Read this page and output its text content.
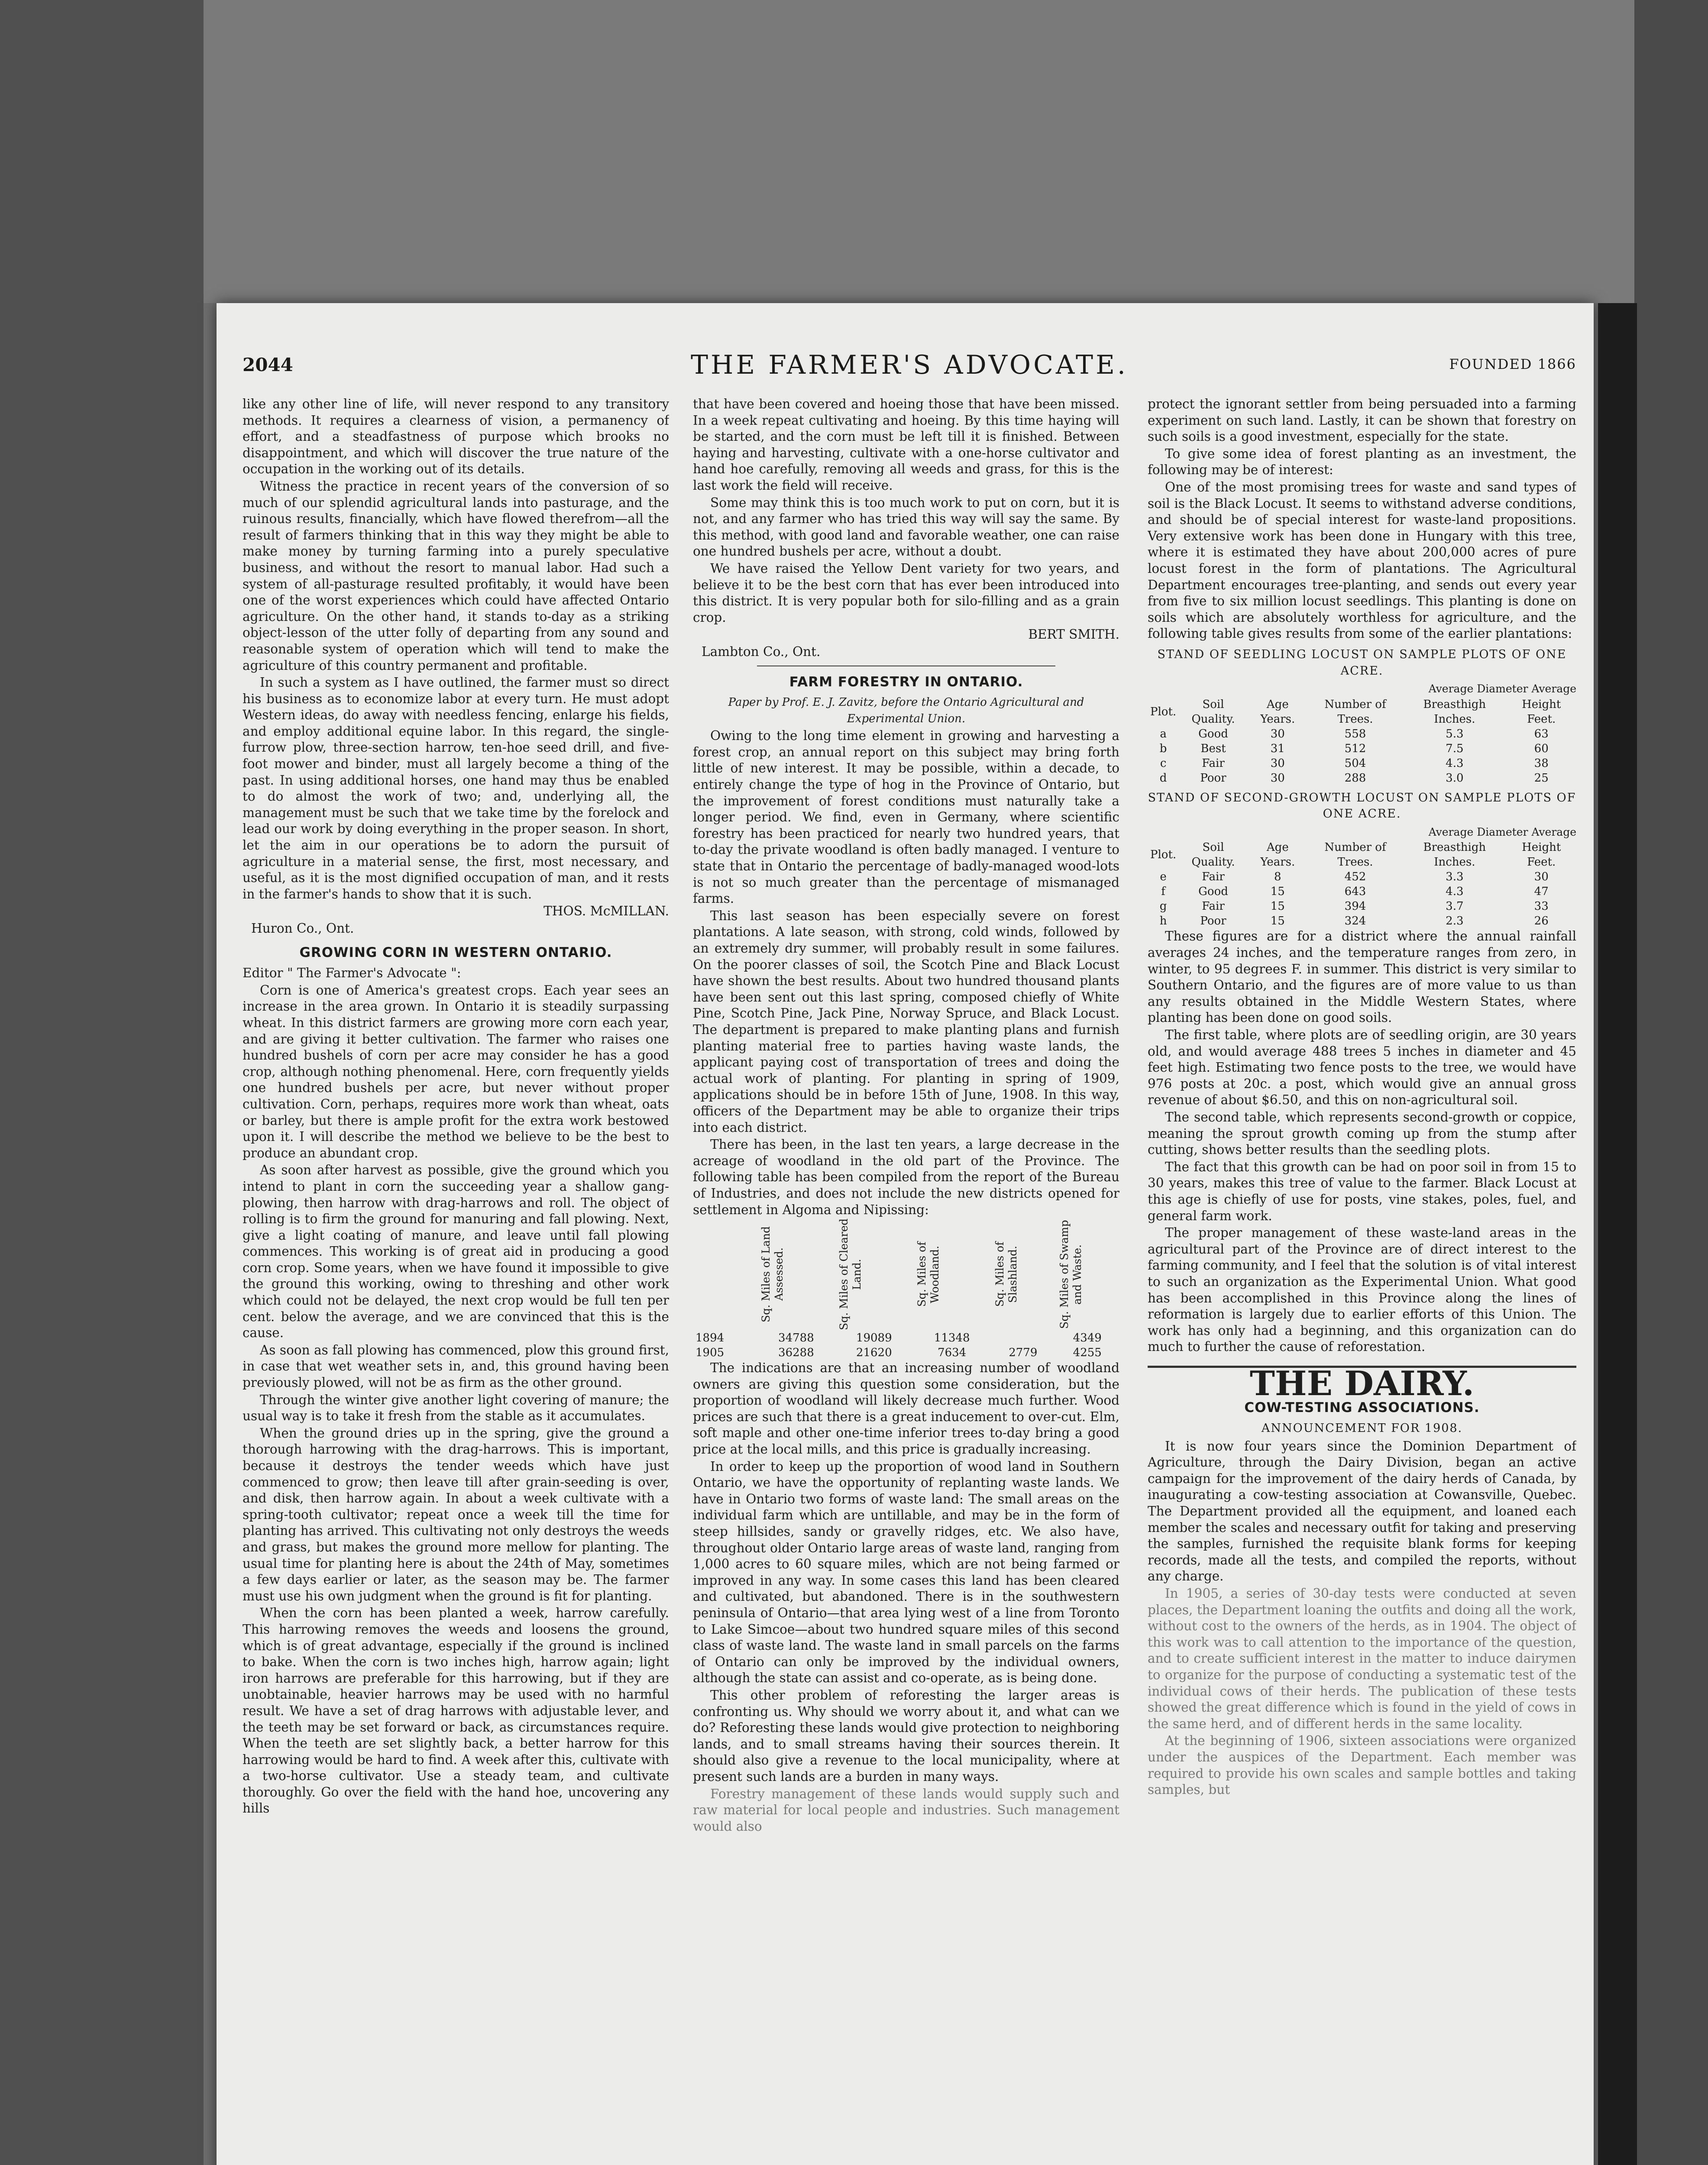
2044	THE FARMER'S ADVOCATE.	FOUNDED 1866

like any other line of life, will never respond to any transitory methods. It requires a clearness of vision, a permanency of effort, and a steadfastness of purpose which brooks no disappointment, and which will discover the true nature of the occupation in the working out of its details.

Witness the practice in recent years of the conversion of so much of our splendid agricultural lands into pasturage, and the ruinous results, financially, which have flowed therefrom—all the result of farmers thinking that in this way they might be able to make money by turning farming into a purely speculative business, and without the resort to manual labor. Had such a system of all-pasturage resulted profitably, it would have been one of the worst experiences which could have affected Ontario agriculture. On the other hand, it stands to-day as a striking object-lesson of the utter folly of departing from any sound and reasonable system of operation which will tend to make the agriculture of this country permanent and profitable.

In such a system as I have outlined, the farmer must so direct his business as to economize labor at every turn. He must adopt Western ideas, do away with needless fencing, enlarge his fields, and employ additional equine labor. In this regard, the single-furrow plow, three-section harrow, ten-hoe seed drill, and five-foot mower and binder, must all largely become a thing of the past. In using additional horses, one hand may thus be enabled to do almost the work of two; and, underlying all, the management must be such that we take time by the forelock and lead our work by doing everything in the proper season. In short, let the aim in our operations be to adorn the pursuit of agriculture in a material sense, the first, most necessary, and useful, as it is the most dignified occupation of man, and it rests in the farmer's hands to show that it is such.

THOS. McMILLAN.

Huron Co., Ont.

GROWING CORN IN WESTERN ONTARIO.

Editor " The Farmer's Advocate ":

Corn is one of America's greatest crops. Each year sees an increase in the area grown. In Ontario it is steadily surpassing wheat. In this district farmers are growing more corn each year, and are giving it better cultivation. The farmer who raises one hundred bushels of corn per acre may consider he has a good crop, although nothing phenomenal. Here, corn frequently yields one hundred bushels per acre, but never without proper cultivation. Corn, perhaps, requires more work than wheat, oats or barley, but there is ample profit for the extra work bestowed upon it. I will describe the method we believe to be the best to produce an abundant crop.

As soon after harvest as possible, give the ground which you intend to plant in corn the succeeding year a shallow gang-plowing, then harrow with drag-harrows and roll. The object of rolling is to firm the ground for manuring and fall plowing. Next, give a light coating of manure, and leave until fall plowing commences. This working is of great aid in producing a good corn crop. Some years, when we have found it impossible to give the ground this working, owing to threshing and other work which could not be delayed, the next crop would be full ten per cent. below the average, and we are convinced that this is the cause.

As soon as fall plowing has commenced, plow this ground first, in case that wet weather sets in, and, this ground having been previously plowed, will not be as firm as the other ground.

Through the winter give another light covering of manure; the usual way is to take it fresh from the stable as it accumulates.

When the ground dries up in the spring, give the ground a thorough harrowing with the drag-harrows. This is important, because it destroys the tender weeds which have just commenced to grow; then leave till after grain-seeding is over, and disk, then harrow again. In about a week cultivate with a spring-tooth cultivator; repeat once a week till the time for planting has arrived. This cultivating not only destroys the weeds and grass, but makes the ground more mellow for planting. The usual time for planting here is about the 24th of May, sometimes a few days earlier or later, as the season may be. The farmer must use his own judgment when the ground is fit for planting.

When the corn has been planted a week, harrow carefully. This harrowing removes the weeds and loosens the ground, which is of great advantage, especially if the ground is inclined to bake. When the corn is two inches high, harrow again; light iron harrows are preferable for this harrowing, but if they are unobtainable, heavier harrows may be used with no harmful result. We have a set of drag harrows with adjustable lever, and the teeth may be set forward or back, as circumstances require. When the teeth are set slightly back, a better harrow for this harrowing would be hard to find. A week after this, cultivate with a two-horse cultivator. Use a steady team, and cultivate thoroughly. Go over the field with the hand hoe, uncovering any hills

that have been covered and hoeing those that have been missed. In a week repeat cultivating and hoeing. By this time haying will be started, and the corn must be left till it is finished. Between haying and harvesting, cultivate with a one-horse cultivator and hand hoe carefully, removing all weeds and grass, for this is the last work the field will receive.

Some may think this is too much work to put on corn, but it is not, and any farmer who has tried this way will say the same. By this method, with good land and favorable weather, one can raise one hundred bushels per acre, without a doubt.

We have raised the Yellow Dent variety for two years, and believe it to be the best corn that has ever been introduced into this district. It is very popular both for silo-filling and as a grain crop.

BERT SMITH.

Lambton Co., Ont.

FARM FORESTRY IN ONTARIO.

Paper by Prof. E. J. Zavitz, before the Ontario Agricultural and Experimental Union.

Owing to the long time element in growing and harvesting a forest crop, an annual report on this subject may bring forth little of new interest. It may be possible, within a decade, to entirely change the type of hog in the Province of Ontario, but the improvement of forest conditions must naturally take a longer period. We find, even in Germany, where scientific forestry has been practiced for nearly two hundred years, that to-day the private woodland is often badly managed. I venture to state that in Ontario the percentage of badly-managed wood-lots is not so much greater than the percentage of mismanaged farms.

This last season has been especially severe on forest plantations. A late season, with strong, cold winds, followed by an extremely dry summer, will probably result in some failures. On the poorer classes of soil, the Scotch Pine and Black Locust have shown the best results. About two hundred thousand plants have been sent out this last spring, composed chiefly of White Pine, Scotch Pine, Jack Pine, Norway Spruce, and Black Locust. The department is prepared to make planting plans and furnish planting material free to parties having waste lands, the applicant paying cost of transportation of trees and doing the actual work of planting. For planting in spring of 1909, applications should be in before 15th of June, 1908. In this way, officers of the Department may be able to organize their trips into each district.

There has been, in the last ten years, a large decrease in the acreage of woodland in the old part of the Province. The following table has been compiled from the report of the Bureau of Industries, and does not include the new districts opened for settlement in Algoma and Nipissing:

	Sq. Miles of Land Assessed.	Sq. Miles of Cleared Land.	Sq. Miles of Woodland.	Sq. Miles of Slashland.	Sq. Miles of Swamp and Waste.

1894	34788	19089	11348		4349
1905	36288	21620	7634	2779	4255

The indications are that an increasing number of woodland owners are giving this question some consideration, but the proportion of woodland will likely decrease much further. Wood prices are such that there is a great inducement to over-cut. Elm, soft maple and other one-time inferior trees to-day bring a good price at the local mills, and this price is gradually increasing.

In order to keep up the proportion of wood land in Southern Ontario, we have the opportunity of replanting waste lands. We have in Ontario two forms of waste land: The small areas on the individual farm which are untillable, and may be in the form of steep hillsides, sandy or gravelly ridges, etc. We also have, throughout older Ontario large areas of waste land, ranging from 1,000 acres to 60 square miles, which are not being farmed or improved in any way. In some cases this land has been cleared and cultivated, but abandoned. There is in the southwestern peninsula of Ontario—that area lying west of a line from Toronto to Lake Simcoe—about two hundred square miles of this second class of waste land. The waste land in small parcels on the farms of Ontario can only be improved by the individual owners, although the state can assist and co-operate, as is being done.

This other problem of reforesting the larger areas is confronting us. Why should we worry about it, and what can we do? Reforesting these lands would give protection to neighboring lands, and to small streams having their sources therein. It should also give a revenue to the local municipality, where at present such lands are a burden in many ways.

Forestry management of these lands would supply such and raw material for local people and industries. Such management would also

protect the ignorant settler from being persuaded into a farming experiment on such land. Lastly, it can be shown that forestry on such soils is a good investment, especially for the state.

To give some idea of forest planting as an investment, the following may be of interest:

One of the most promising trees for waste and sand types of soil is the Black Locust. It seems to withstand adverse conditions, and should be of special interest for waste-land propositions. Very extensive work has been done in Hungary with this tree, where it is estimated they have about 200,000 acres of pure locust forest in the form of plantations. The Agricultural Department encourages tree-planting, and sends out every year from five to six million locust seedlings. This planting is done on soils which are absolutely worthless for agriculture, and the following table gives results from some of the earlier plantations:

STAND OF SEEDLING LOCUST ON SAMPLE PLOTS OF ONE ACRE.
Average Diameter Average
Plot.	Soil Quality.	Age Years.	Number of Trees.	Breasthigh Inches.	Height Feet.
a	Good	30	558	5.3	63
b	Best	31	512	7.5	60
c	Fair	30	504	4.3	38
d	Poor	30	288	3.0	25
STAND OF SECOND-GROWTH LOCUST ON SAMPLE PLOTS OF ONE ACRE.
Average Diameter Average
Plot.	Soil Quality.	Age Years.	Number of Trees.	Breasthigh Inches.	Height Feet.
e	Fair	8	452	3.3	30
f	Good	15	643	4.3	47
g	Fair	15	394	3.7	33
h	Poor	15	324	2.3	26

These figures are for a district where the annual rainfall averages 24 inches, and the temperature ranges from zero, in winter, to 95 degrees F. in summer. This district is very similar to Southern Ontario, and the figures are of more value to us than any results obtained in the Middle Western States, where planting has been done on good soils.

The first table, where plots are of seedling origin, are 30 years old, and would average 488 trees 5 inches in diameter and 45 feet high. Estimating two fence posts to the tree, we would have 976 posts at 20c. a post, which would give an annual gross revenue of about $6.50, and this on non-agricultural soil.

The second table, which represents second-growth or coppice, meaning the sprout growth coming up from the stump after cutting, shows better results than the seedling plots.

The fact that this growth can be had on poor soil in from 15 to 30 years, makes this tree of value to the farmer. Black Locust at this age is chiefly of use for posts, vine stakes, poles, fuel, and general farm work.

The proper management of these waste-land areas in the agricultural part of the Province are of direct interest to the farming community, and I feel that the solution is of vital interest to such an organization as the Experimental Union. What good has been accomplished in this Province along the lines of reformation is largely due to earlier efforts of this Union. The work has only had a beginning, and this organization can do much to further the cause of reforestation.

THE DAIRY.
COW-TESTING ASSOCIATIONS.
ANNOUNCEMENT FOR 1908.

It is now four years since the Dominion Department of Agriculture, through the Dairy Division, began an active campaign for the improvement of the dairy herds of Canada, by inaugurating a cow-testing association at Cowansville, Quebec. The Department provided all the equipment, and loaned each member the scales and necessary outfit for taking and preserving the samples, furnished the requisite blank forms for keeping records, made all the tests, and compiled the reports, without any charge.

In 1905, a series of 30-day tests were conducted at seven places, the Department loaning the outfits and doing all the work, without cost to the owners of the herds, as in 1904. The object of this work was to call attention to the importance of the question, and to create sufficient interest in the matter to induce dairymen to organize for the purpose of conducting a systematic test of the individual cows of their herds. The publication of these tests showed the great difference which is found in the yield of cows in the same herd, and of different herds in the same locality.

At the beginning of 1906, sixteen associations were organized under the auspices of the Department. Each member was required to provide his own scales and sample bottles and taking samples, but
